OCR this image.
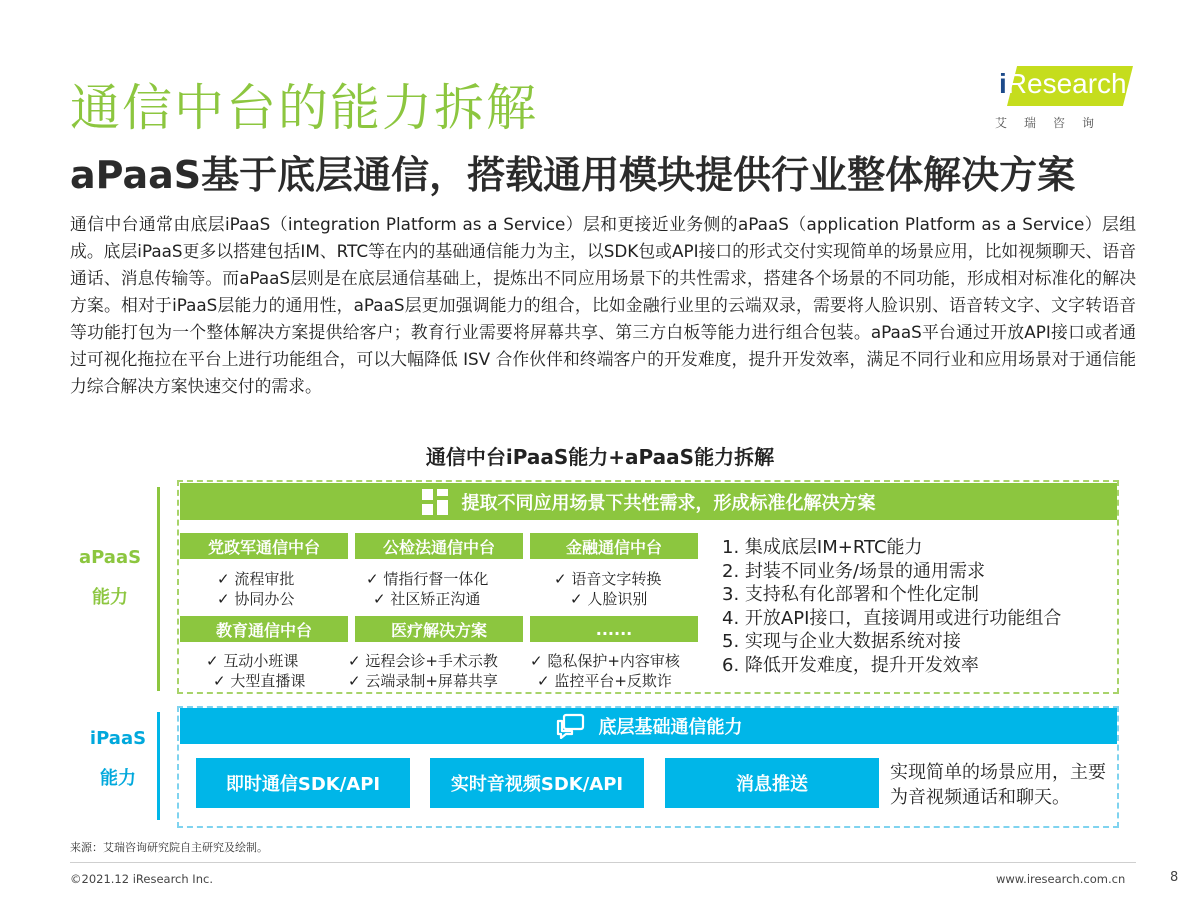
通信中台的能力拆解
aPaaS基于底层通信，搭载通用模块提供行业整体解决方案
iResearch
艾瑞咨询

通信中台通常由底层iPaaS（integration Platform as a Service）层和更接近业务侧的aPaaS（application Platform as a Service）层组成。底层iPaaS更多以搭建包括IM、RTC等在内的基础通信能力为主，以SDK包或API接口的形式交付实现简单的场景应用，比如视频聊天、语音通话、消息传输等。而aPaaS层则是在底层通信基础上，提炼出不同应用场景下的共性需求，搭建各个场景的不同功能，形成相对标准化的解决方案。相对于iPaaS层能力的通用性，aPaaS层更加强调能力的组合，比如金融行业里的云端双录，需要将人脸识别、语音转文字、文字转语音等功能打包为一个整体解决方案提供给客户；教育行业需要将屏幕共享、第三方白板等能力进行组合包装。aPaaS平台通过开放API接口或者通过可视化拖拉在平台上进行功能组合，可以大幅降低 ISV 合作伙伴和终端客户的开发难度，提升开发效率，满足不同行业和应用场景对于通信能力综合解决方案快速交付的需求。

通信中台iPaaS能力+aPaaS能力拆解
aPaaS
能力
提取不同应用场景下共性需求，形成标准化解决方案
党政军通信中台	公检法通信中台	金融通信中台
✓ 流程审批
✓ 协同办公
✓ 情指行督一体化
✓ 社区矫正沟通
✓ 语音文字转换
✓ 人脸识别
教育通信中台	医疗解决方案	......
✓ 互动小班课
✓ 大型直播课
✓ 远程会诊+手术示教
✓ 云端录制+屏幕共享
✓ 隐私保护+内容审核
✓ 监控平台+反欺诈
1. 集成底层IM+RTC能力
2. 封装不同业务/场景的通用需求
3. 支持私有化部署和个性化定制
4. 开放API接口，直接调用或进行功能组合
5. 实现与企业大数据系统对接
6. 降低开发难度，提升开发效率
iPaaS
能力
底层基础通信能力
即时通信SDK/API	实时音视频SDK/API	消息推送
实现简单的场景应用，主要为音视频通话和聊天。
来源：艾瑞咨询研究院自主研究及绘制。
©2021.12 iResearch Inc.	www.iresearch.com.cn	8
